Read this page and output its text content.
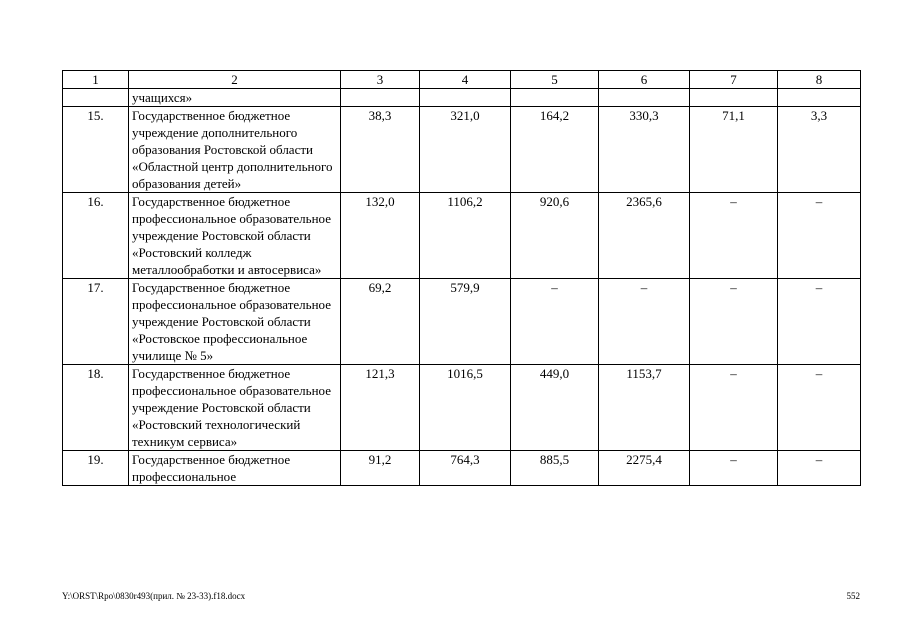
1	2	3	4	5	6	7	8
	учащихся»						
15.	Государственное бюджетное учреждение дополнительного образования Ростовской области «Областной центр дополнительного образования детей»	38,3	321,0	164,2	330,3	71,1	3,3
16.	Государственное бюджетное профессиональное образовательное учреждение Ростовской области «Ростовский колледж металлообработки и автосервиса»	132,0	1106,2	920,6	2365,6	–	–
17.	Государственное бюджетное профессиональное образовательное учреждение Ростовской области «Ростовское профессиональное училище № 5»	69,2	579,9	–	–	–	–
18.	Государственное бюджетное профессиональное образовательное учреждение Ростовской области «Ростовский технологический техникум сервиса»	121,3	1016,5	449,0	1153,7	–	–
19.	Государственное бюджетное профессиональное	91,2	764,3	885,5	2275,4	–	–
Y:\ORST\Rpo\0830r493(прил. № 23-33).f18.docx	552
